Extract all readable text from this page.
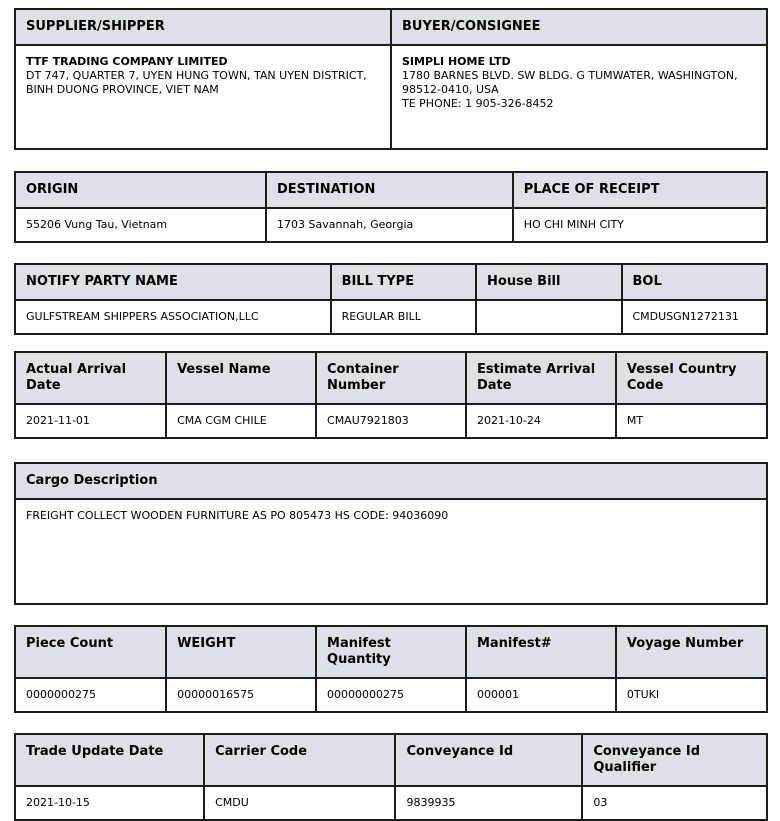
SUPPLIER/SHIPPER	BUYER/CONSIGNEE

TTF TRADING COMPANY LIMITED
DT 747, QUARTER 7, UYEN HUNG TOWN, TAN UYEN DISTRICT, BINH DUONG PROVINCE, VIET NAM

SIMPLI HOME LTD
1780 BARNES BLVD. SW BLDG. G TUMWATER, WASHINGTON, 98512-0410, USA
TE PHONE: 1 905-326-8452
ORIGIN	DESTINATION	PLACE OF RECEIPT
55206 Vung Tau, Vietnam	1703 Savannah, Georgia	HO CHI MINH CITY
NOTIFY PARTY NAME	BILL TYPE	House Bill	BOL
GULFSTREAM SHIPPERS ASSOCIATION,LLC	REGULAR BILL		CMDUSGN1272131
Actual Arrival Date	Vessel Name	Container Number	Estimate Arrival Date	Vessel Country Code
2021-11-01	CMA CGM CHILE	CMAU7921803	2021-10-24	MT
Cargo Description
FREIGHT COLLECT WOODEN FURNITURE AS PO 805473 HS CODE: 94036090
Piece Count	WEIGHT	Manifest Quantity	Manifest#	Voyage Number
0000000275	00000016575	00000000275	000001	0TUKI
Trade Update Date	Carrier Code	Conveyance Id	Conveyance Id Qualifier
2021-10-15	CMDU	9839935	03
